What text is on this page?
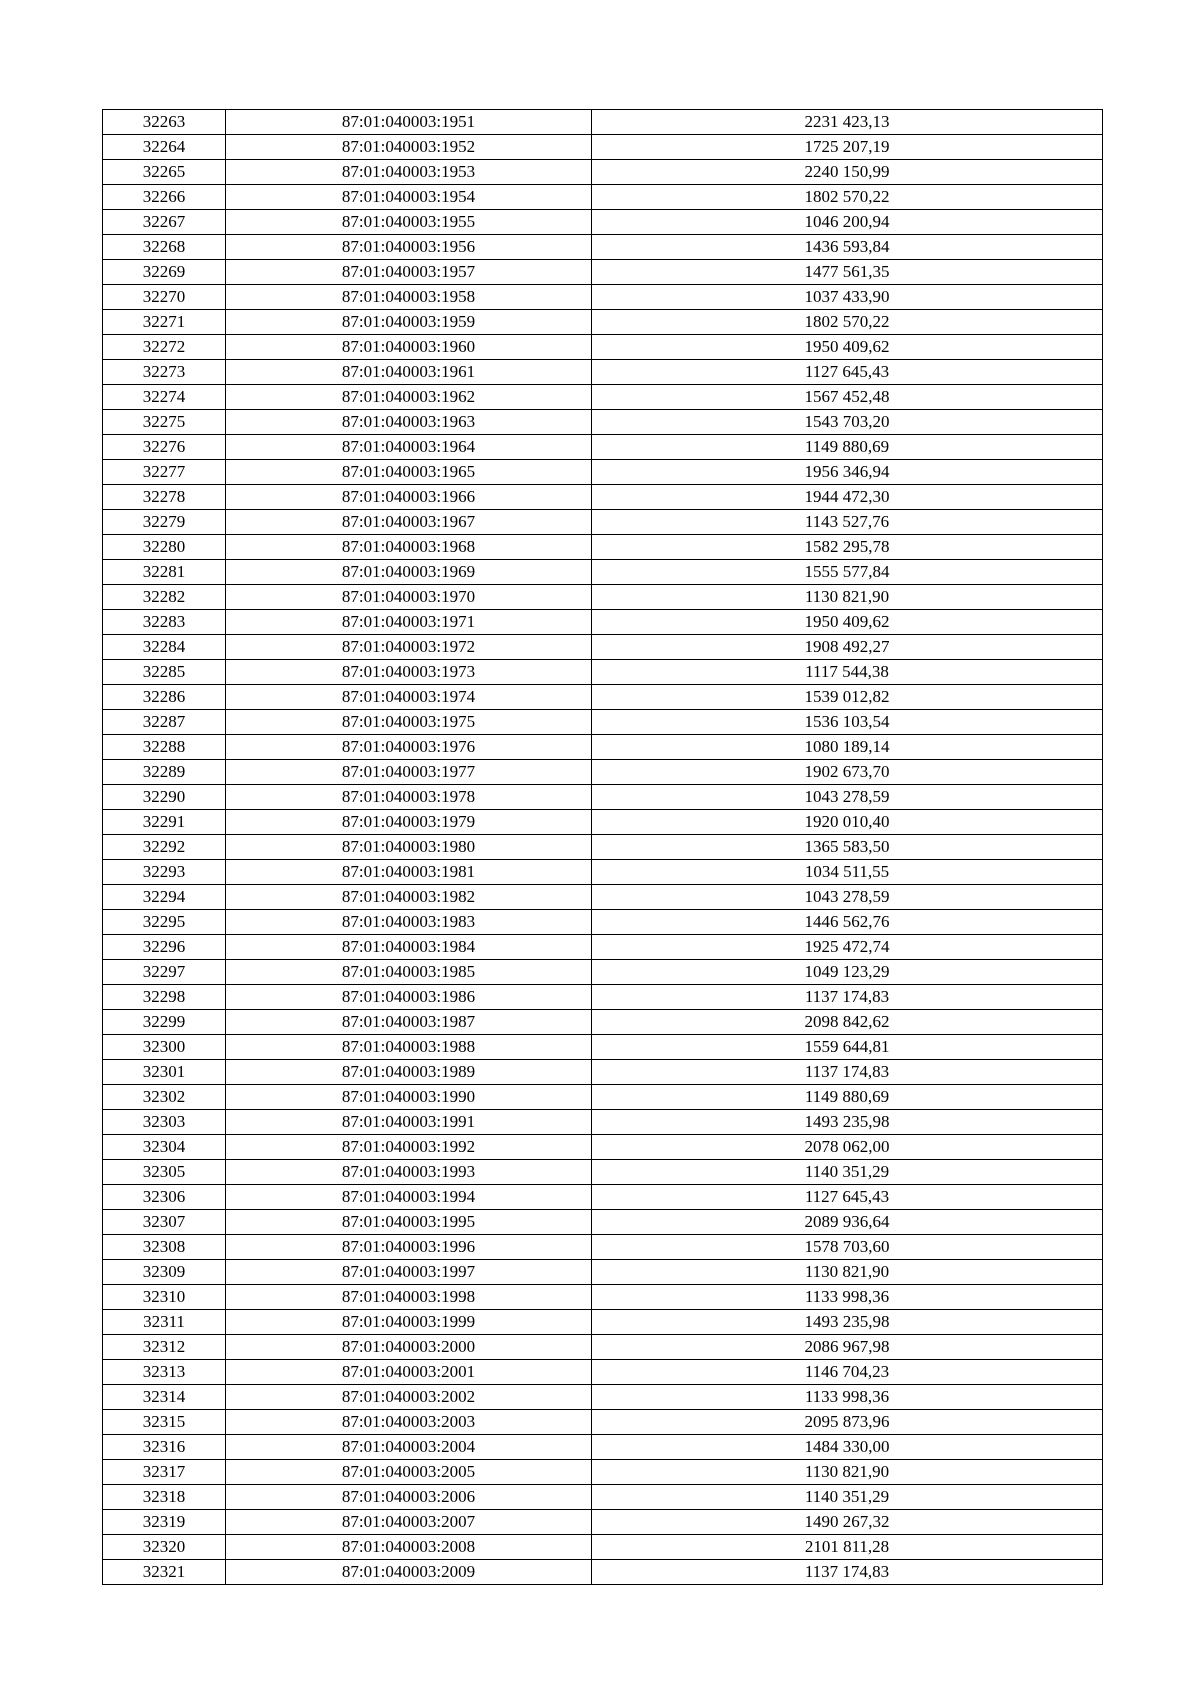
32263	87:01:040003:1951	2231 423,13
32264	87:01:040003:1952	1725 207,19
32265	87:01:040003:1953	2240 150,99
32266	87:01:040003:1954	1802 570,22
32267	87:01:040003:1955	1046 200,94
32268	87:01:040003:1956	1436 593,84
32269	87:01:040003:1957	1477 561,35
32270	87:01:040003:1958	1037 433,90
32271	87:01:040003:1959	1802 570,22
32272	87:01:040003:1960	1950 409,62
32273	87:01:040003:1961	1127 645,43
32274	87:01:040003:1962	1567 452,48
32275	87:01:040003:1963	1543 703,20
32276	87:01:040003:1964	1149 880,69
32277	87:01:040003:1965	1956 346,94
32278	87:01:040003:1966	1944 472,30
32279	87:01:040003:1967	1143 527,76
32280	87:01:040003:1968	1582 295,78
32281	87:01:040003:1969	1555 577,84
32282	87:01:040003:1970	1130 821,90
32283	87:01:040003:1971	1950 409,62
32284	87:01:040003:1972	1908 492,27
32285	87:01:040003:1973	1117 544,38
32286	87:01:040003:1974	1539 012,82
32287	87:01:040003:1975	1536 103,54
32288	87:01:040003:1976	1080 189,14
32289	87:01:040003:1977	1902 673,70
32290	87:01:040003:1978	1043 278,59
32291	87:01:040003:1979	1920 010,40
32292	87:01:040003:1980	1365 583,50
32293	87:01:040003:1981	1034 511,55
32294	87:01:040003:1982	1043 278,59
32295	87:01:040003:1983	1446 562,76
32296	87:01:040003:1984	1925 472,74
32297	87:01:040003:1985	1049 123,29
32298	87:01:040003:1986	1137 174,83
32299	87:01:040003:1987	2098 842,62
32300	87:01:040003:1988	1559 644,81
32301	87:01:040003:1989	1137 174,83
32302	87:01:040003:1990	1149 880,69
32303	87:01:040003:1991	1493 235,98
32304	87:01:040003:1992	2078 062,00
32305	87:01:040003:1993	1140 351,29
32306	87:01:040003:1994	1127 645,43
32307	87:01:040003:1995	2089 936,64
32308	87:01:040003:1996	1578 703,60
32309	87:01:040003:1997	1130 821,90
32310	87:01:040003:1998	1133 998,36
32311	87:01:040003:1999	1493 235,98
32312	87:01:040003:2000	2086 967,98
32313	87:01:040003:2001	1146 704,23
32314	87:01:040003:2002	1133 998,36
32315	87:01:040003:2003	2095 873,96
32316	87:01:040003:2004	1484 330,00
32317	87:01:040003:2005	1130 821,90
32318	87:01:040003:2006	1140 351,29
32319	87:01:040003:2007	1490 267,32
32320	87:01:040003:2008	2101 811,28
32321	87:01:040003:2009	1137 174,83
